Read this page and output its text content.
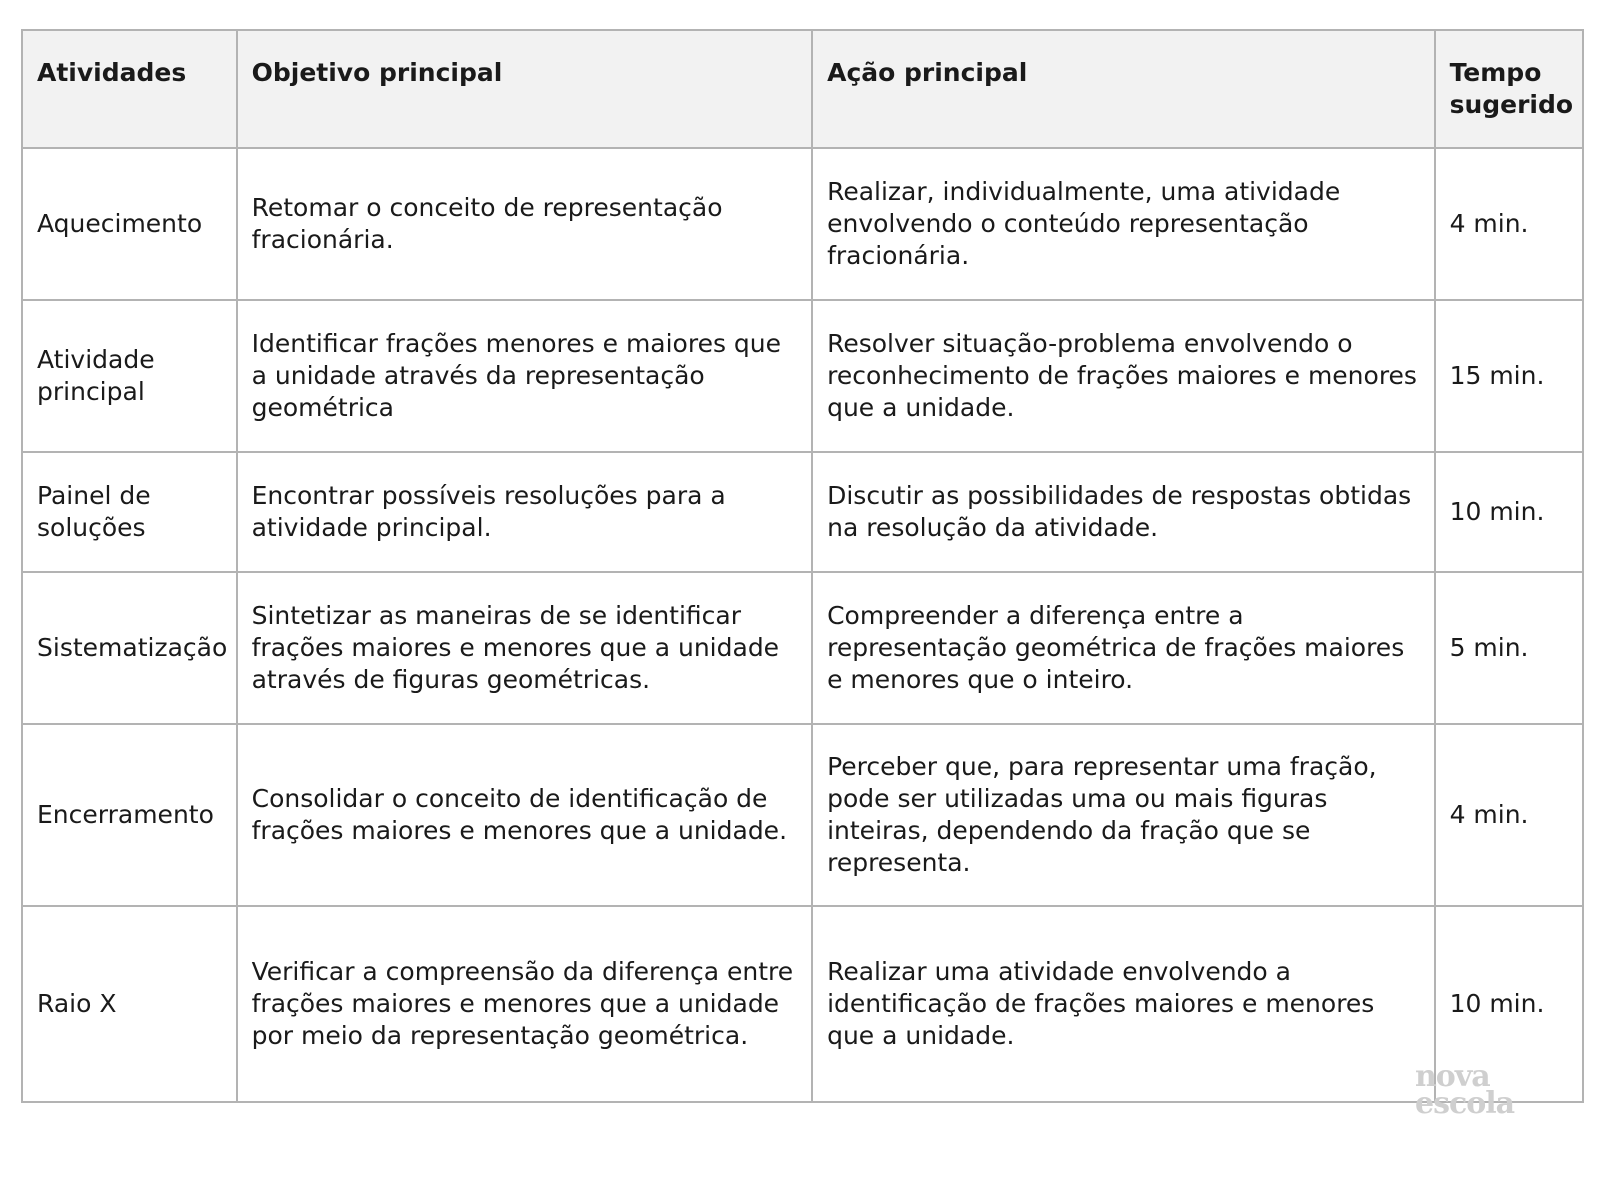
Atividades	Objetivo principal	Ação principal	Tempo sugerido
Aquecimento	Retomar o conceito de representação fracionária.	Realizar, individualmente, uma atividade envolvendo o conteúdo representação fracionária.	4 min.
Atividade principal	Identificar frações menores e maiores que a unidade através da representação geométrica	Resolver situação-problema envolvendo o reconhecimento de frações maiores e menores que a unidade.	15 min.
Painel de soluções	Encontrar possíveis resoluções para a atividade principal.	Discutir as possibilidades de respostas obtidas na resolução da atividade.	10 min.
Sistematização	Sintetizar as maneiras de se identificar frações maiores e menores que a unidade através de figuras geométricas.	Compreender a diferença entre a representação geométrica de frações maiores e menores que o inteiro.	5 min.
Encerramento	Consolidar o conceito de identificação de frações maiores e menores que a unidade.	Perceber que, para representar uma fração, pode ser utilizadas uma ou mais figuras inteiras, dependendo da fração que se representa.	4 min.
Raio X	Verificar a compreensão da diferença entre frações maiores e menores que a unidade por meio da representação geométrica.	Realizar uma atividade envolvendo a identificação de frações maiores e menores que a unidade.	10 min.
nova
escola
